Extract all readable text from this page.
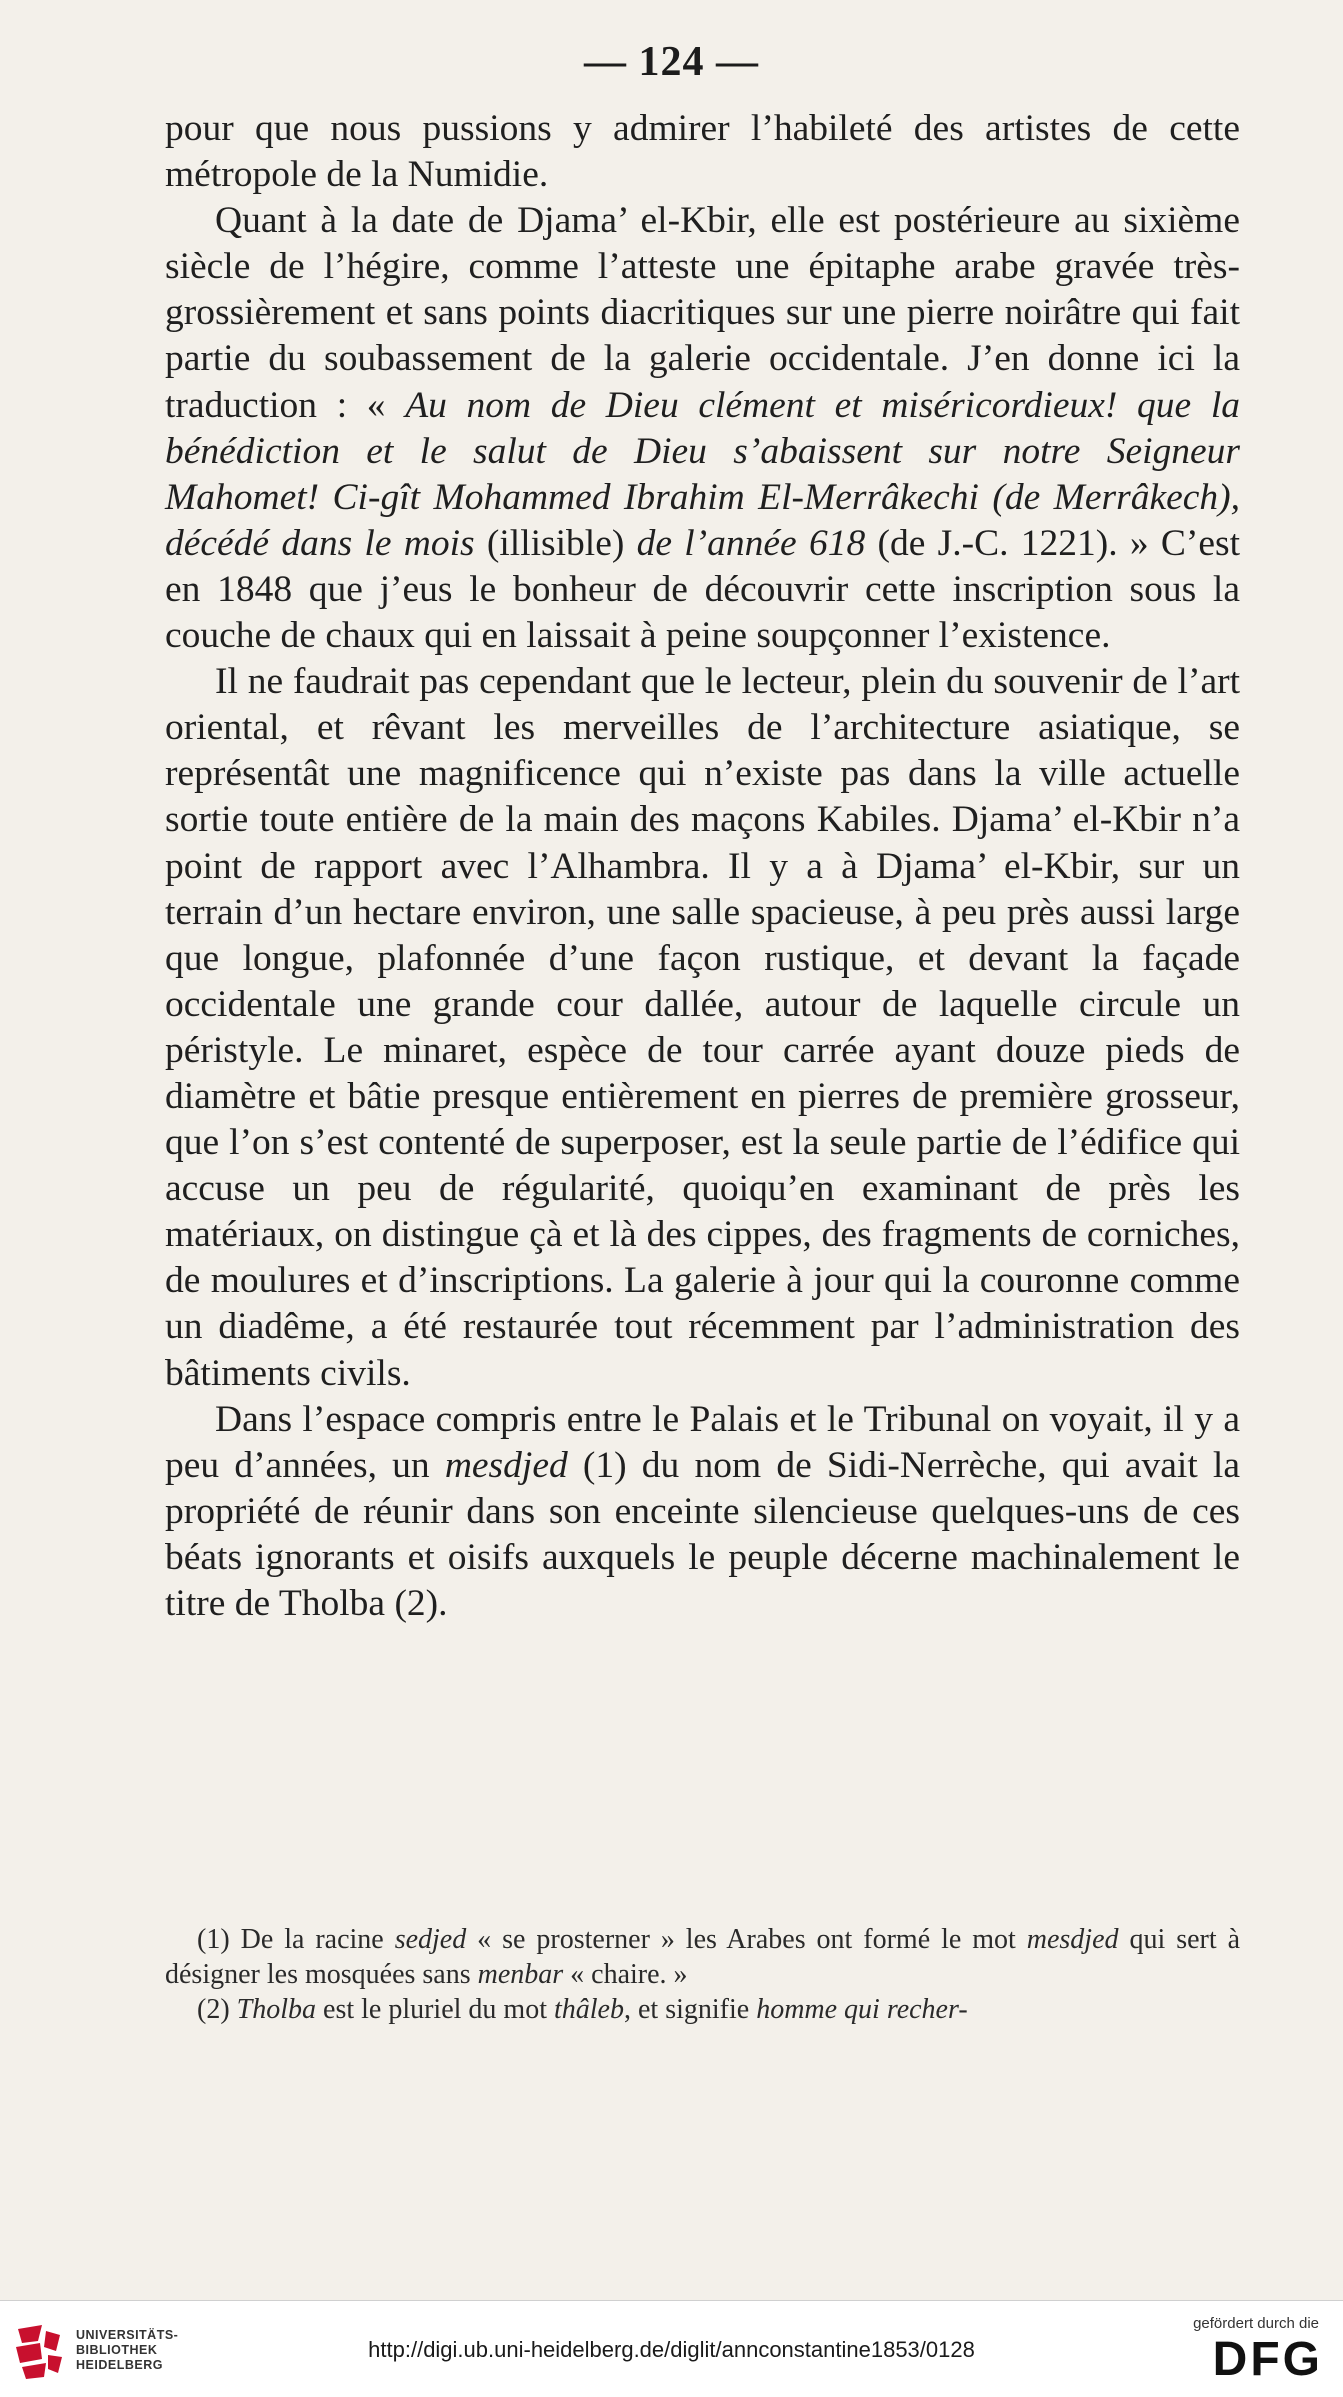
— 124 —

pour que nous pussions y admirer l’habileté des artistes de cette métropole de la Numidie.

Quant à la date de Djama’ el-Kbir, elle est postérieure au sixième siècle de l’hégire, comme l’atteste une épitaphe arabe gravée très-grossièrement et sans points diacritiques sur une pierre noirâtre qui fait partie du soubassement de la galerie occidentale. J’en donne ici la traduction : « Au nom de Dieu clément et miséricordieux! que la bénédiction et le salut de Dieu s’abaissent sur notre Seigneur Mahomet! Ci-gît Mohammed Ibrahim El-Merrâkechi (de Merrâkech), décédé dans le mois (illisible) de l’année 618 (de J.-C. 1221). » C’est en 1848 que j’eus le bonheur de découvrir cette inscription sous la couche de chaux qui en laissait à peine soupçonner l’existence.

Il ne faudrait pas cependant que le lecteur, plein du souvenir de l’art oriental, et rêvant les merveilles de l’architecture asiatique, se représentât une magnificence qui n’existe pas dans la ville actuelle sortie toute entière de la main des maçons Kabiles. Djama’ el-Kbir n’a point de rapport avec l’Alhambra. Il y a à Djama’ el-Kbir, sur un terrain d’un hectare environ, une salle spacieuse, à peu près aussi large que longue, plafonnée d’une façon rustique, et devant la façade occidentale une grande cour dallée, autour de laquelle circule un péristyle. Le minaret, espèce de tour carrée ayant douze pieds de diamètre et bâtie presque entièrement en pierres de première grosseur, que l’on s’est contenté de superposer, est la seule partie de l’édifice qui accuse un peu de régularité, quoiqu’en examinant de près les matériaux, on distingue çà et là des cippes, des fragments de corniches, de moulures et d’inscriptions. La galerie à jour qui la couronne comme un diadême, a été restaurée tout récemment par l’administration des bâtiments civils.

Dans l’espace compris entre le Palais et le Tribunal on voyait, il y a peu d’années, un mesdjed (1) du nom de Sidi-Nerrèche, qui avait la propriété de réunir dans son enceinte silencieuse quelques-uns de ces béats ignorants et oisifs auxquels le peuple décerne machinalement le titre de Tholba (2).

(1) De la racine sedjed « se prosterner » les Arabes ont formé le mot mesdjed qui sert à désigner les mosquées sans menbar « chaire. »

(2) Tholba est le pluriel du mot thâleb, et signifie homme qui recher-

UNIVERSITÄTS-
BIBLIOTHEK
HEIDELBERG
http://digi.ub.uni-heidelberg.de/diglit/annconstantine1853/0128
gefördert durch die
DFG
